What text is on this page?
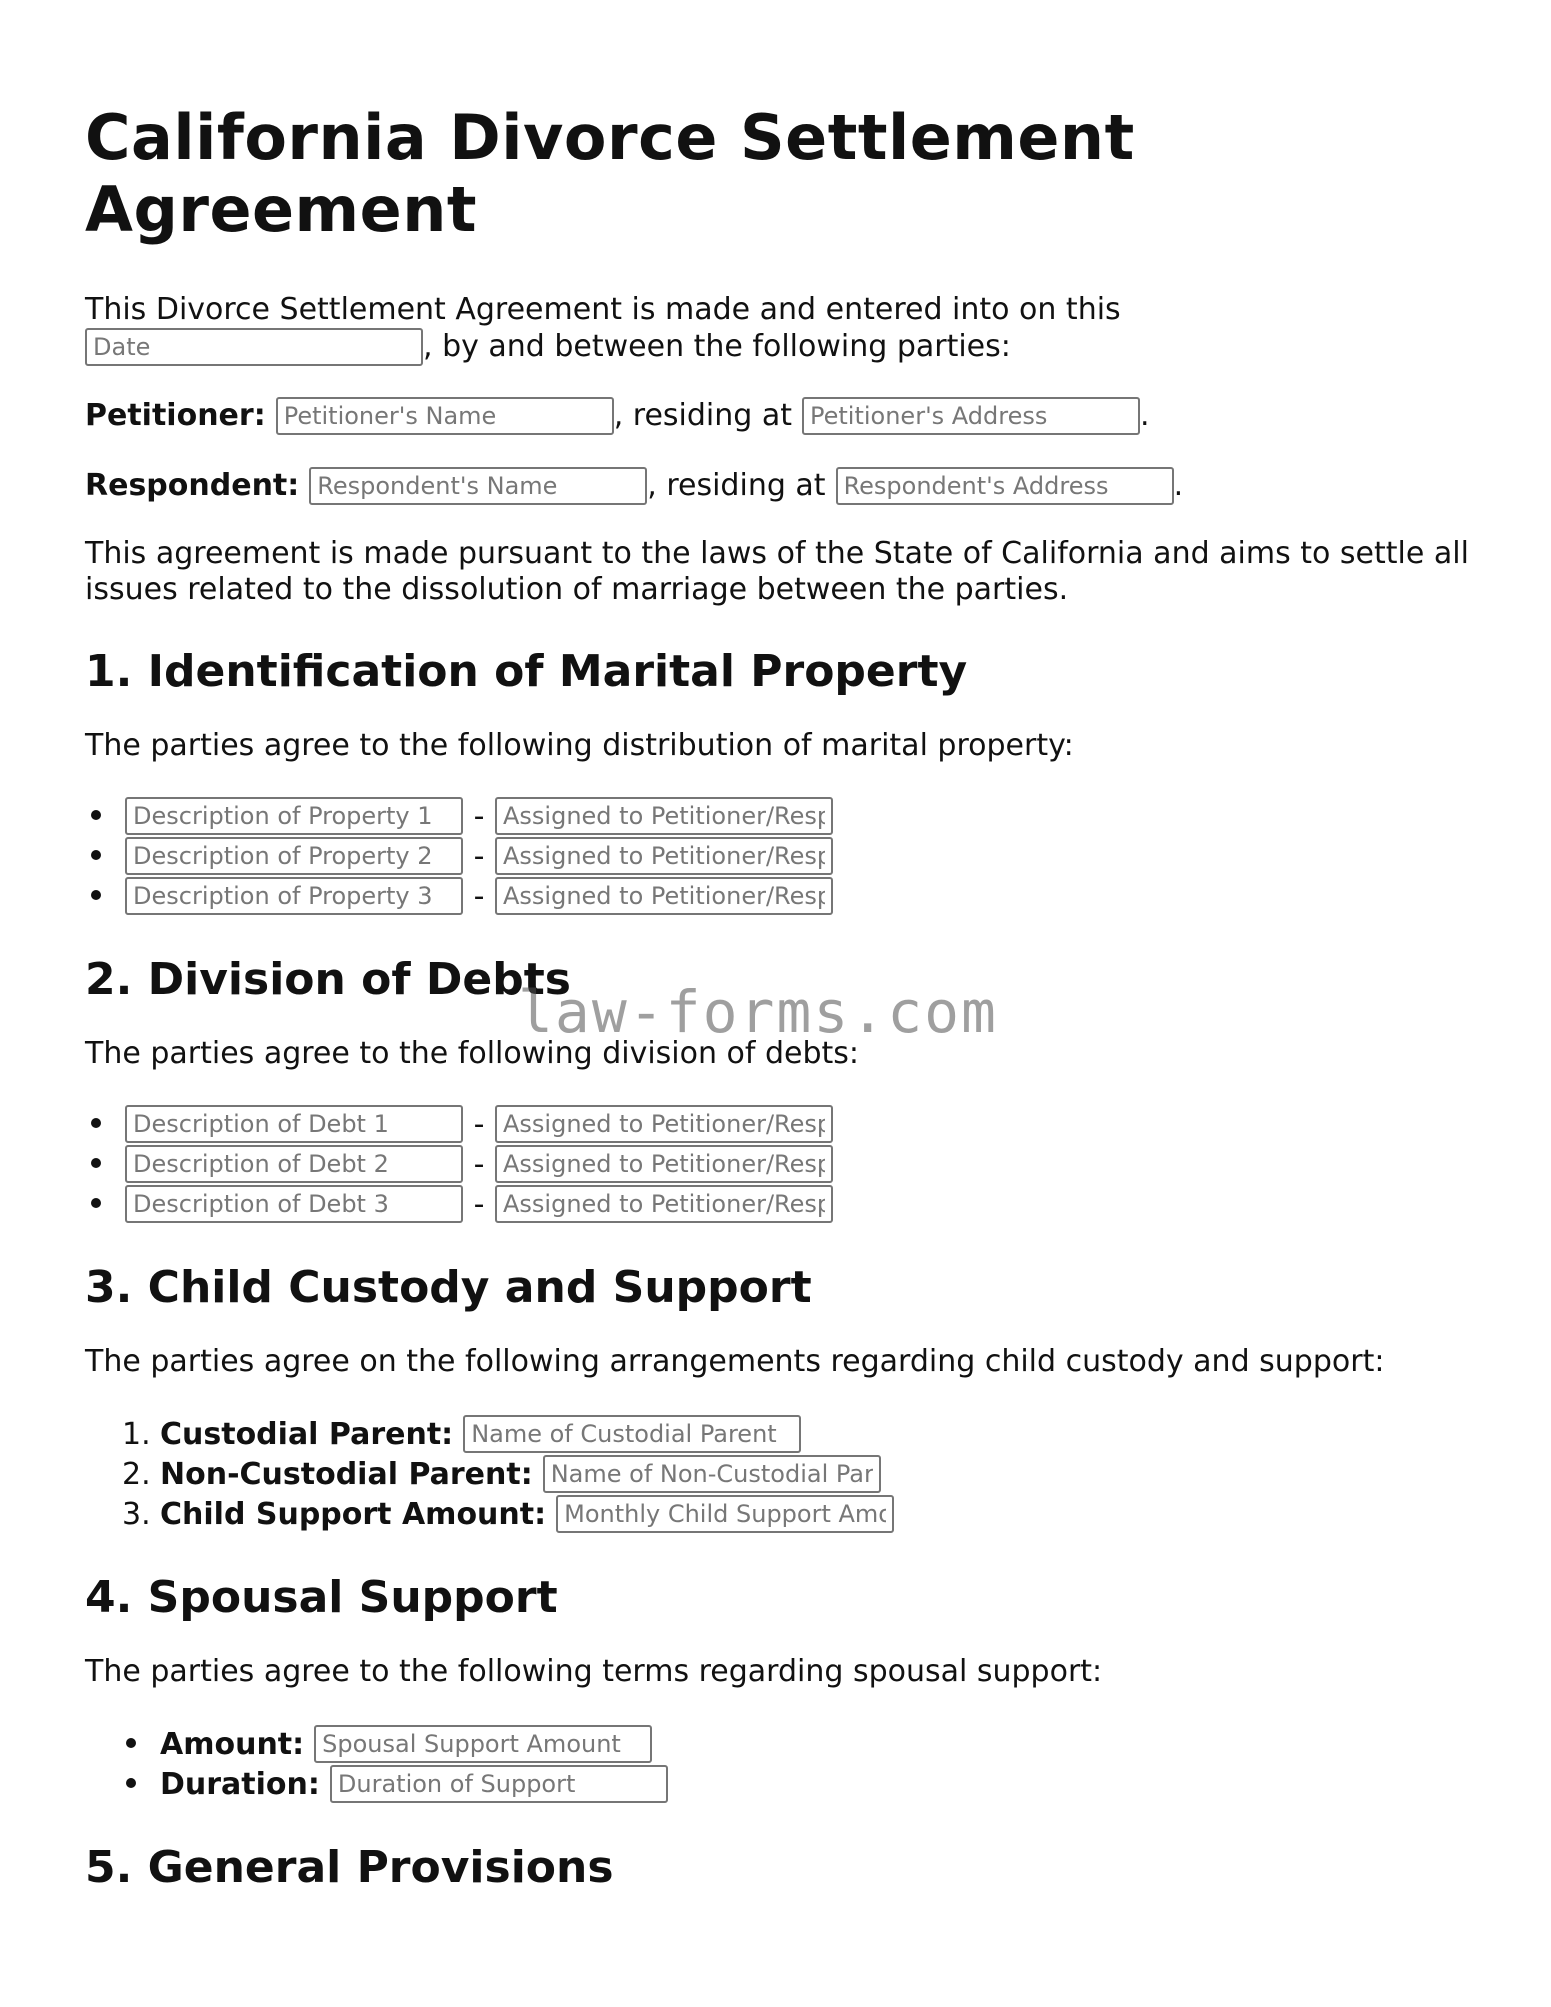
California Divorce Settlement Agreement
This Divorce Settlement Agreement is made and entered into on this
Date
, by and between the following parties:
Petitioner:
Petitioner's Name	, residing at
Petitioner's Address	.
Respondent:
Respondent's Name	, residing at
Respondent's Address	.

This agreement is made pursuant to the laws of the State of California and aims to settle all issues related to the dissolution of marriage between the parties.

1. Identification of Marital Property

The parties agree to the following distribution of marital property:

Description of Property 1
-
Assigned to Petitioner/Respondent
Description of Property 2
-
Assigned to Petitioner/Respondent
Description of Property 3
-
Assigned to Petitioner/Respondent
2. Division of Debts

The parties agree to the following division of debts:

Description of Debt 1
-
Assigned to Petitioner/Respondent
Description of Debt 2
-
Assigned to Petitioner/Respondent
Description of Debt 3
-
Assigned to Petitioner/Respondent
3. Child Custody and Support

The parties agree on the following arrangements regarding child custody and support:

1. Custodial Parent:
Name of Custodial Parent
2. Non-Custodial Parent:
Name of Non-Custodial Parent
3. Child Support Amount:
Monthly Child Support Amount
4. Spousal Support

The parties agree to the following terms regarding spousal support:

Amount:
Spousal Support Amount
Duration:
Duration of Support
5. General Provisions
law-forms.com
